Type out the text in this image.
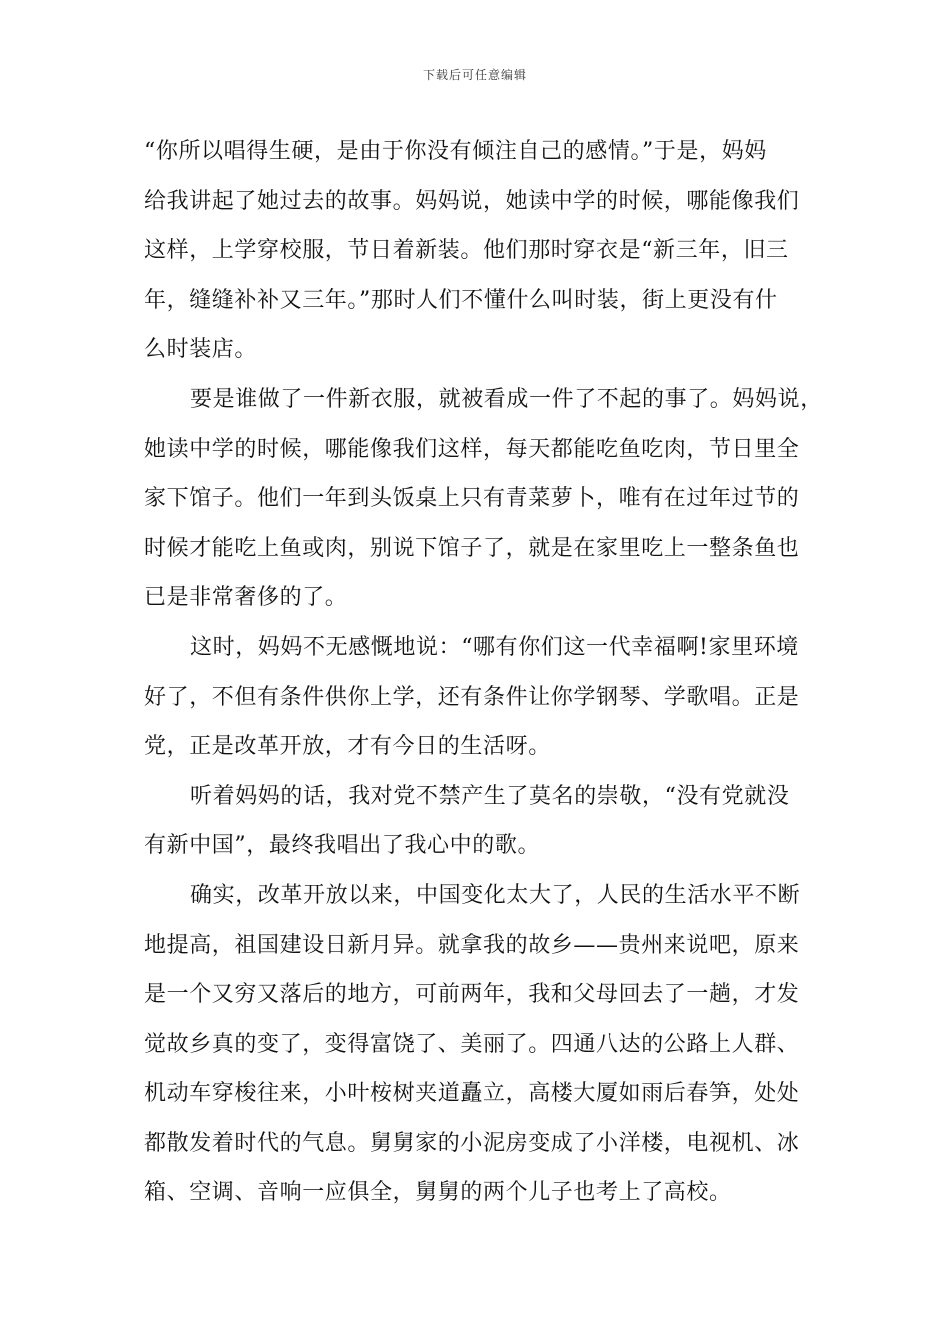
下载后可任意编辑
“你所以唱得生硬，是由于你没有倾注自己的感情。”于是，妈妈
给我讲起了她过去的故事。妈妈说，她读中学的时候，哪能像我们
这样，上学穿校服，节日着新装。他们那时穿衣是“新三年，旧三
年，缝缝补补又三年。”那时人们不懂什么叫时装，街上更没有什
么时装店。
要是谁做了一件新衣服，就被看成一件了不起的事了。妈妈说，
她读中学的时候，哪能像我们这样，每天都能吃鱼吃肉，节日里全
家下馆子。他们一年到头饭桌上只有青菜萝卜，唯有在过年过节的
时候才能吃上鱼或肉，别说下馆子了，就是在家里吃上一整条鱼也
已是非常奢侈的了。
这时，妈妈不无感慨地说：“哪有你们这一代幸福啊!家里环境
好了，不但有条件供你上学，还有条件让你学钢琴、学歌唱。正是
党，正是改革开放，才有今日的生活呀。
听着妈妈的话，我对党不禁产生了莫名的崇敬，“没有党就没
有新中国”，最终我唱出了我心中的歌。
确实，改革开放以来，中国变化太大了，人民的生活水平不断
地提高，祖国建设日新月异。就拿我的故乡——贵州来说吧，原来
是一个又穷又落后的地方，可前两年，我和父母回去了一趟，才发
觉故乡真的变了，变得富饶了、美丽了。四通八达的公路上人群、
机动车穿梭往来，小叶桉树夹道矗立，高楼大厦如雨后春笋，处处
都散发着时代的气息。舅舅家的小泥房变成了小洋楼，电视机、冰
箱、空调、音响一应俱全，舅舅的两个儿子也考上了高校。
